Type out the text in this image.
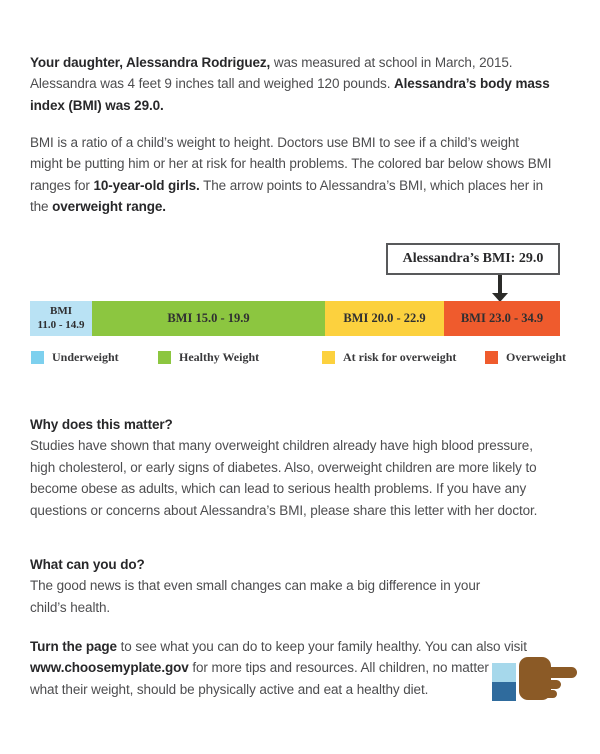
Your daughter, Alessandra Rodriguez, was measured at school in March, 2015.
Alessandra was 4 feet 9 inches tall and weighed 120 pounds. Alessandra’s body mass
index (BMI) was 29.0.
BMI is a ratio of a child’s weight to height. Doctors use BMI to see if a child’s weight
might be putting him or her at risk for health problems. The colored bar below shows BMI
ranges for 10-year-old girls. The arrow points to Alessandra’s BMI, which places her in
the overweight range.
Alessandra’s BMI: 29.0
BMI
11.0 - 14.9	BMI 15.0 - 19.9	BMI 20.0 - 22.9	BMI 23.0 - 34.9
Underweight	Healthy Weight	At risk for overweight	Overweight
Why does this matter?
Studies have shown that many overweight children already have high blood pressure,
high cholesterol, or early signs of diabetes. Also, overweight children are more likely to
become obese as adults, which can lead to serious health problems. If you have any
questions or concerns about Alessandra’s BMI, please share this letter with her doctor.
What can you do?
The good news is that even small changes can make a big difference in your
child’s health.
Turn the page to see what you can do to keep your family healthy. You can also visit
www.choosemyplate.gov for more tips and resources. All children, no matter
what their weight, should be physically active and eat a healthy diet.
